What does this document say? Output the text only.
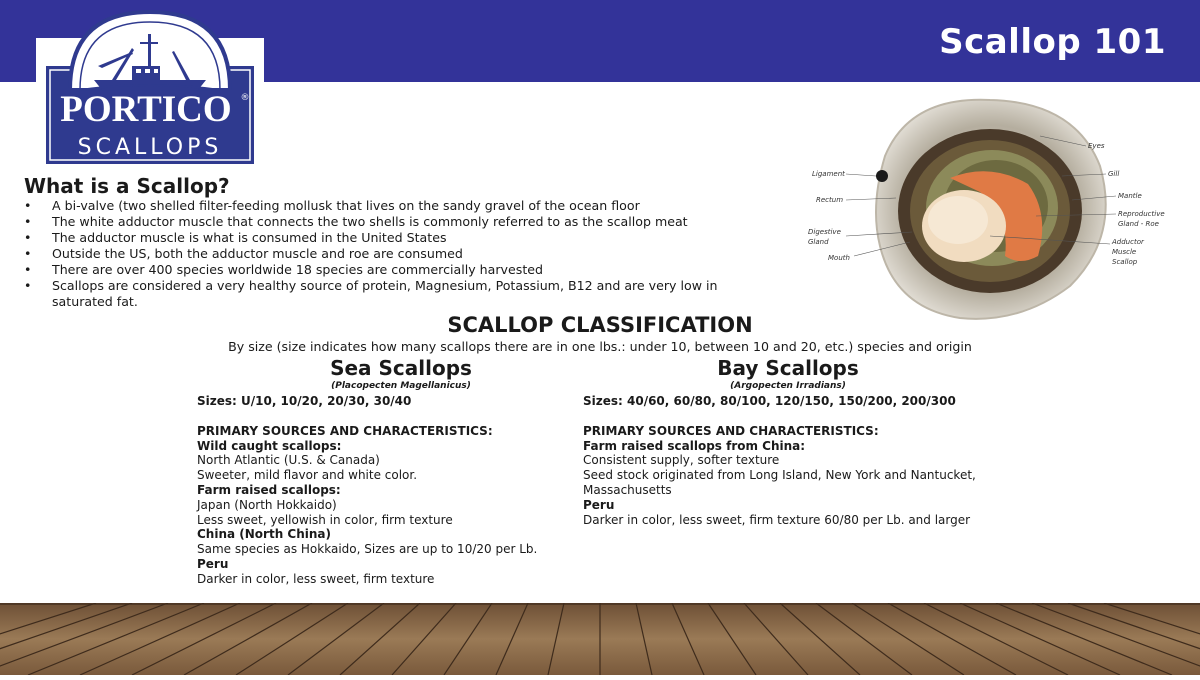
Scallop 101
PORTICO ®
SCALLOPS
What is a Scallop?
• A bi-valve (two shelled filter-feeding mollusk that lives on the sandy gravel of the ocean floor
• The white adductor muscle that connects the two shells is commonly referred to as the scallop meat
• The adductor muscle is what is consumed in the United States
• Outside the US, both the adductor muscle and roe are consumed
• There are over 400 species worldwide 18 species are commercially harvested
• Scallops are considered a very healthy source of protein, Magnesium, Potassium, B12 and are very low in saturated fat.
Eyes
Gill
Mantle
Reproductive
Gland - Roe
Adductor
Muscle
Scallop
Ligament
Rectum
Digestive
Gland
Mouth
SCALLOP CLASSIFICATION
By size (size indicates how many scallops there are in one lbs.: under 10, between 10 and 20, etc.) species and origin
Sea Scallops
(Placopecten Magellanicus)
Sizes: U/10, 10/20, 20/30, 30/40
PRIMARY SOURCES AND CHARACTERISTICS:
Wild caught scallops:
North Atlantic (U.S. & Canada)
Sweeter, mild flavor and white color.
Farm raised scallops:
Japan (North Hokkaido)
Less sweet, yellowish in color, firm texture
China (North China)
Same species as Hokkaido, Sizes are up to 10/20 per Lb.
Peru
Darker in color, less sweet, firm texture
Bay Scallops
(Argopecten Irradians)
Sizes: 40/60, 60/80, 80/100, 120/150, 150/200, 200/300
PRIMARY SOURCES AND CHARACTERISTICS:
Farm raised scallops from China:
Consistent supply, softer texture
Seed stock originated from Long Island, New York and Nantucket,
Massachusetts
Peru
Darker in color, less sweet, firm texture 60/80 per Lb. and larger
